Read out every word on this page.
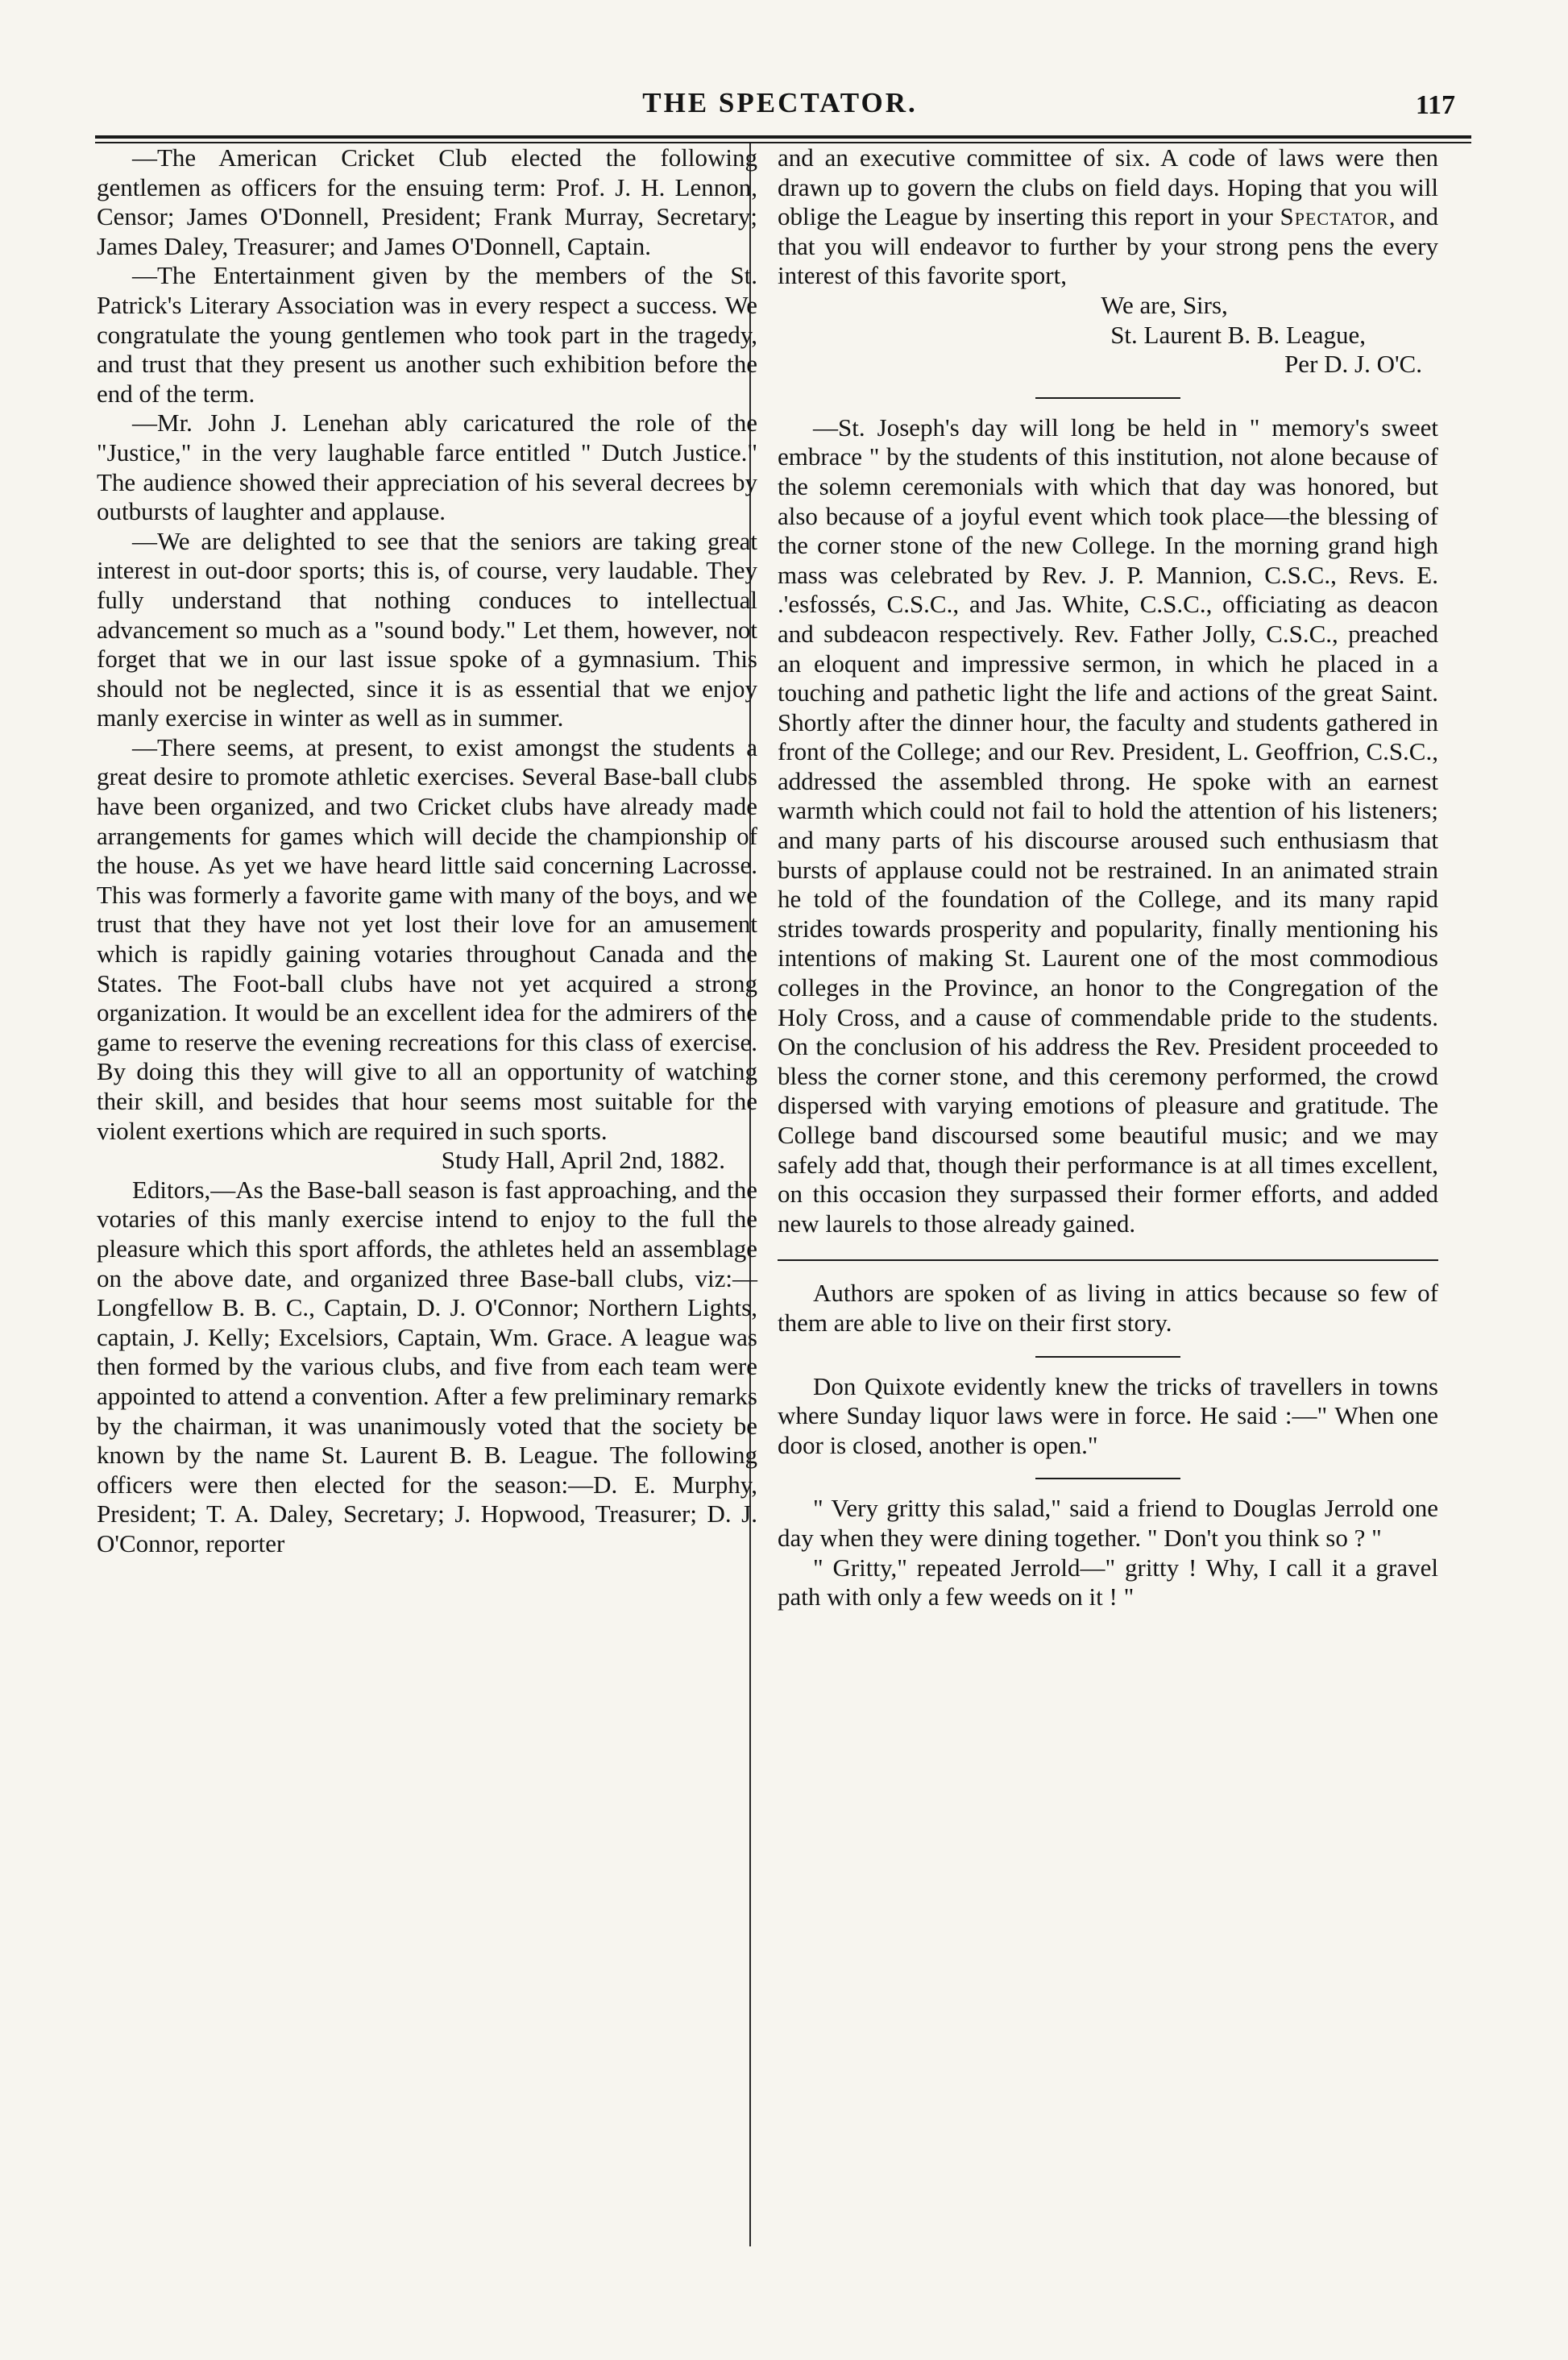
THE SPECTATOR.	117

—The American Cricket Club elected the following gentlemen as officers for the ensuing term: Prof. J. H. Lennon, Censor; James O'Donnell, President; Frank Murray, Secretary; James Daley, Treasurer; and James O'Donnell, Captain.

—The Entertainment given by the members of the St. Patrick's Literary Association was in every respect a success. We congratulate the young gentlemen who took part in the tragedy, and trust that they present us another such exhibition before the end of the term.

—Mr. John J. Lenehan ably caricatured the role of the "Justice," in the very laughable farce entitled " Dutch Justice." The audience showed their appreciation of his several decrees by outbursts of laughter and applause.

—We are delighted to see that the seniors are taking great interest in out-door sports; this is, of course, very laudable. They fully understand that nothing conduces to intellectual advancement so much as a "sound body." Let them, however, not forget that we in our last issue spoke of a gymnasium. This should not be neglected, since it is as essential that we enjoy manly exercise in winter as well as in summer.

—There seems, at present, to exist amongst the students a great desire to promote athletic exercises. Several Base-ball clubs have been organized, and two Cricket clubs have already made arrangements for games which will decide the championship of the house. As yet we have heard little said concerning Lacrosse. This was formerly a favorite game with many of the boys, and we trust that they have not yet lost their love for an amusement which is rapidly gaining votaries throughout Canada and the States. The Foot-ball clubs have not yet acquired a strong organization. It would be an excellent idea for the admirers of the game to reserve the evening recreations for this class of exercise. By doing this they will give to all an opportunity of watching their skill, and besides that hour seems most suitable for the violent exertions which are required in such sports.

Study Hall, April 2nd, 1882.

Editors,—As the Base-ball season is fast approaching, and the votaries of this manly exercise intend to enjoy to the full the pleasure which this sport affords, the athletes held an assemblage on the above date, and organized three Base-ball clubs, viz:—Longfellow B. B. C., Captain, D. J. O'Connor; Northern Lights, captain, J. Kelly; Excelsiors, Captain, Wm. Grace. A league was then formed by the various clubs, and five from each team were appointed to attend a convention. After a few preliminary remarks by the chairman, it was unanimously voted that the society be known by the name St. Laurent B. B. League. The following officers were then elected for the season:—D. E. Murphy, President; T. A. Daley, Secretary; J. Hopwood, Treasurer; D. J. O'Connor, reporter

and an executive committee of six. A code of laws were then drawn up to govern the clubs on field days. Hoping that you will oblige the League by inserting this report in your Spectator, and that you will endeavor to further by your strong pens the every interest of this favorite sport,

We are, Sirs,

St. Laurent B. B. League,

Per D. J. O'C.

—St. Joseph's day will long be held in " memory's sweet embrace " by the students of this institution, not alone because of the solemn ceremonials with which that day was honored, but also because of a joyful event which took place—the blessing of the corner stone of the new College. In the morning grand high mass was celebrated by Rev. J. P. Mannion, C.S.C., Revs. E. .'esfossés, C.S.C., and Jas. White, C.S.C., officiating as deacon and subdeacon respectively. Rev. Father Jolly, C.S.C., preached an eloquent and impressive sermon, in which he placed in a touching and pathetic light the life and actions of the great Saint. Shortly after the dinner hour, the faculty and students gathered in front of the College; and our Rev. President, L. Geoffrion, C.S.C., addressed the assembled throng. He spoke with an earnest warmth which could not fail to hold the attention of his listeners; and many parts of his discourse aroused such enthusiasm that bursts of applause could not be restrained. In an animated strain he told of the foundation of the College, and its many rapid strides towards prosperity and popularity, finally mentioning his intentions of making St. Laurent one of the most commodious colleges in the Province, an honor to the Congregation of the Holy Cross, and a cause of commendable pride to the students. On the conclusion of his address the Rev. President proceeded to bless the corner stone, and this ceremony performed, the crowd dispersed with varying emotions of pleasure and gratitude. The College band discoursed some beautiful music; and we may safely add that, though their performance is at all times excellent, on this occasion they surpassed their former efforts, and added new laurels to those already gained.

Authors are spoken of as living in attics because so few of them are able to live on their first story.

Don Quixote evidently knew the tricks of travellers in towns where Sunday liquor laws were in force. He said :—" When one door is closed, another is open."

" Very gritty this salad," said a friend to Douglas Jerrold one day when they were dining together. " Don't you think so ? "

" Gritty," repeated Jerrold—" gritty ! Why, I call it a gravel path with only a few weeds on it ! "
